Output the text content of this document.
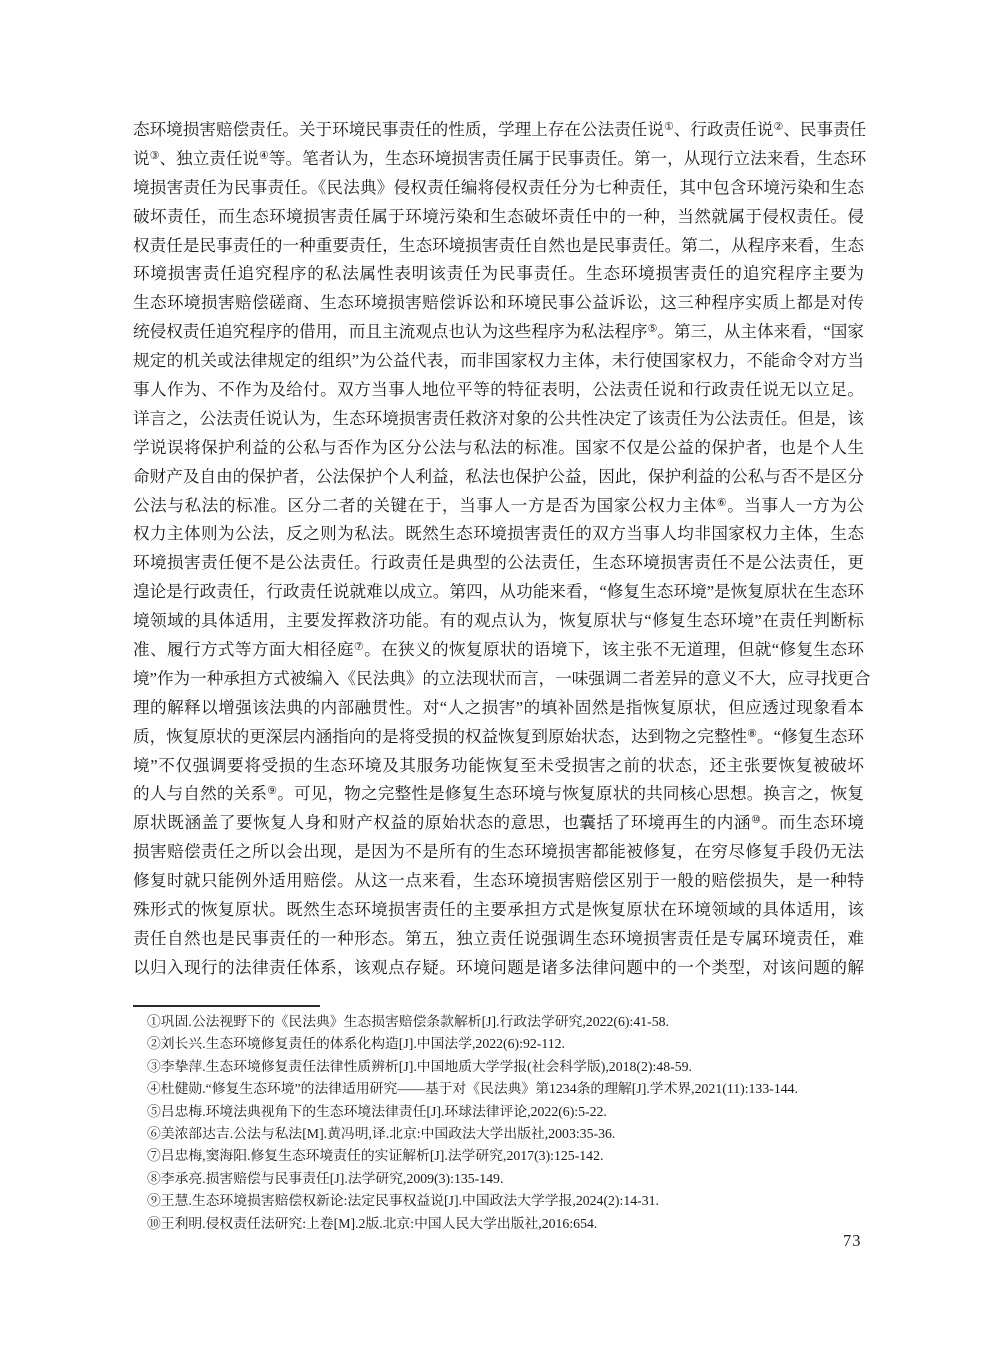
态环境损害赔偿责任。关于环境民事责任的性质，学理上存在公法责任说①、行政责任说②、民事责任
说③、独立责任说④等。笔者认为，生态环境损害责任属于民事责任。第一，从现行立法来看，生态环
境损害责任为民事责任。《民法典》侵权责任编将侵权责任分为七种责任，其中包含环境污染和生态
破坏责任，而生态环境损害责任属于环境污染和生态破坏责任中的一种，当然就属于侵权责任。侵
权责任是民事责任的一种重要责任，生态环境损害责任自然也是民事责任。第二，从程序来看，生态
环境损害责任追究程序的私法属性表明该责任为民事责任。生态环境损害责任的追究程序主要为
生态环境损害赔偿磋商、生态环境损害赔偿诉讼和环境民事公益诉讼，这三种程序实质上都是对传
统侵权责任追究程序的借用，而且主流观点也认为这些程序为私法程序⑤。第三，从主体来看，“国家
规定的机关或法律规定的组织”为公益代表，而非国家权力主体，未行使国家权力，不能命令对方当
事人作为、不作为及给付。双方当事人地位平等的特征表明，公法责任说和行政责任说无以立足。
详言之，公法责任说认为，生态环境损害责任救济对象的公共性决定了该责任为公法责任。但是，该
学说误将保护利益的公私与否作为区分公法与私法的标准。国家不仅是公益的保护者，也是个人生
命财产及自由的保护者，公法保护个人利益，私法也保护公益，因此，保护利益的公私与否不是区分
公法与私法的标准。区分二者的关键在于，当事人一方是否为国家公权力主体⑥。当事人一方为公
权力主体则为公法，反之则为私法。既然生态环境损害责任的双方当事人均非国家权力主体，生态
环境损害责任便不是公法责任。行政责任是典型的公法责任，生态环境损害责任不是公法责任，更
遑论是行政责任，行政责任说就难以成立。第四，从功能来看，“修复生态环境”是恢复原状在生态环
境领域的具体适用，主要发挥救济功能。有的观点认为，恢复原状与“修复生态环境”在责任判断标
准、履行方式等方面大相径庭⑦。在狭义的恢复原状的语境下，该主张不无道理，但就“修复生态环
境”作为一种承担方式被编入《民法典》的立法现状而言，一味强调二者差异的意义不大，应寻找更合
理的解释以增强该法典的内部融贯性。对“人之损害”的填补固然是指恢复原状，但应透过现象看本
质，恢复原状的更深层内涵指向的是将受损的权益恢复到原始状态，达到物之完整性⑧。“修复生态环
境”不仅强调要将受损的生态环境及其服务功能恢复至未受损害之前的状态，还主张要恢复被破坏
的人与自然的关系⑨。可见，物之完整性是修复生态环境与恢复原状的共同核心思想。换言之，恢复
原状既涵盖了要恢复人身和财产权益的原始状态的意思，也囊括了环境再生的内涵⑩。而生态环境
损害赔偿责任之所以会出现，是因为不是所有的生态环境损害都能被修复，在穷尽修复手段仍无法
修复时就只能例外适用赔偿。从这一点来看，生态环境损害赔偿区别于一般的赔偿损失，是一种特
殊形式的恢复原状。既然生态环境损害责任的主要承担方式是恢复原状在环境领域的具体适用，该
责任自然也是民事责任的一种形态。第五，独立责任说强调生态环境损害责任是专属环境责任，难
以归入现行的法律责任体系，该观点存疑。环境问题是诸多法律问题中的一个类型，对该问题的解
①巩固.公法视野下的《民法典》生态损害赔偿条款解析[J].行政法学研究,2022(6):41-58.
②刘长兴.生态环境修复责任的体系化构造[J].中国法学,2022(6):92-112.
③李挚萍.生态环境修复责任法律性质辨析[J].中国地质大学学报(社会科学版),2018(2):48-59.
④杜健勋.“修复生态环境”的法律适用研究——基于对《民法典》第1234条的理解[J].学术界,2021(11):133-144.
⑤吕忠梅.环境法典视角下的生态环境法律责任[J].环球法律评论,2022(6):5-22.
⑥美浓部达吉.公法与私法[M].黄冯明,译.北京:中国政法大学出版社,2003:35-36.
⑦吕忠梅,窦海阳.修复生态环境责任的实证解析[J].法学研究,2017(3):125-142.
⑧李承亮.损害赔偿与民事责任[J].法学研究,2009(3):135-149.
⑨王慧.生态环境损害赔偿权新论:法定民事权益说[J].中国政法大学学报,2024(2):14-31.
⑩王利明.侵权责任法研究:上卷[M].2版.北京:中国人民大学出版社,2016:654.
73
